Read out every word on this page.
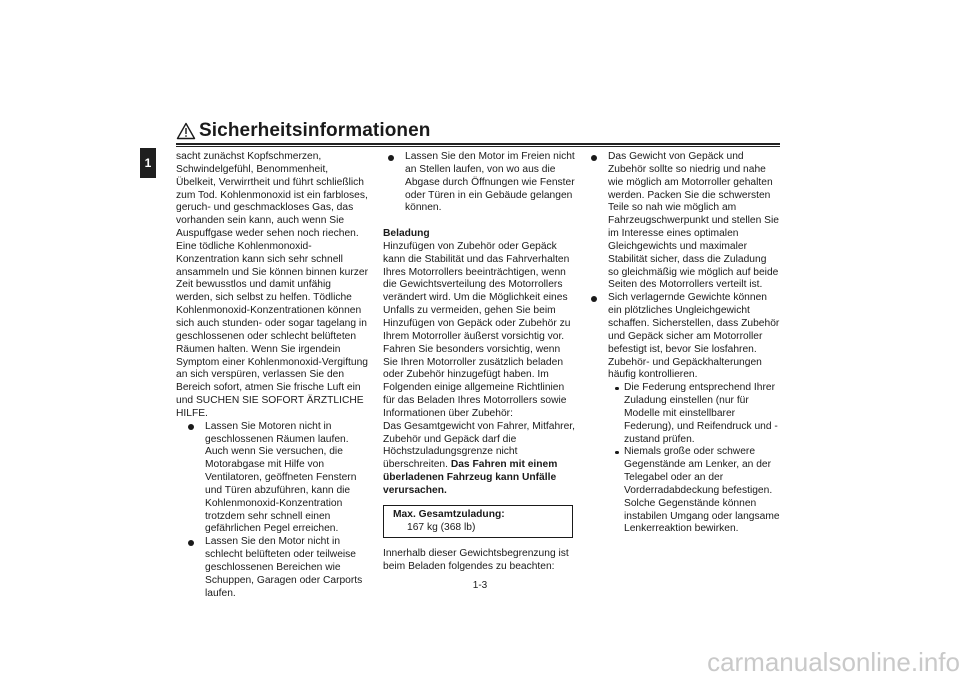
1
Sicherheitsinformationen

sacht zunächst Kopfschmerzen, Schwindelgefühl, Benommenheit, Übelkeit, Verwirrtheit und führt schließlich zum Tod. Kohlenmonoxid ist ein farbloses, geruch- und geschmackloses Gas, das vorhanden sein kann, auch wenn Sie Auspuffgase weder sehen noch riechen. Eine tödliche Kohlenmonoxid-Konzentration kann sich sehr schnell ansammeln und Sie können binnen kurzer Zeit bewusstlos und damit unfähig werden, sich selbst zu helfen. Tödliche Kohlenmonoxid-Konzentrationen können sich auch stunden- oder sogar tagelang in geschlossenen oder schlecht belüfteten Räumen halten. Wenn Sie irgendein Symptom einer Kohlenmonoxid-Vergiftung an sich verspüren, verlassen Sie den Bereich sofort, atmen Sie frische Luft ein und SUCHEN SIE SOFORT ÄRZTLICHE HILFE.

Lassen Sie Motoren nicht in geschlossenen Räumen laufen. Auch wenn Sie versuchen, die Motorabgase mit Hilfe von Ventilatoren, geöffneten Fenstern und Türen abzuführen, kann die Kohlenmonoxid-Konzentration trotzdem sehr schnell einen gefährlichen Pegel erreichen.

Lassen Sie den Motor nicht in schlecht belüfteten oder teilweise geschlossenen Bereichen wie Schuppen, Garagen oder Carports laufen.

Lassen Sie den Motor im Freien nicht an Stellen laufen, von wo aus die Abgase durch Öffnungen wie Fenster oder Türen in ein Gebäude gelangen können.

Beladung

Hinzufügen von Zubehör oder Gepäck kann die Stabilität und das Fahrverhalten Ihres Motorrollers beeinträchtigen, wenn die Gewichtsverteilung des Motorrollers verändert wird. Um die Möglichkeit eines Unfalls zu vermeiden, gehen Sie beim Hinzufügen von Gepäck oder Zubehör zu Ihrem Motorroller äußerst vorsichtig vor. Fahren Sie besonders vorsichtig, wenn Sie Ihren Motorroller zusätzlich beladen oder Zubehör hinzugefügt haben. Im Folgenden einige allgemeine Richtlinien für das Beladen Ihres Motorrollers sowie Informationen über Zubehör:

Das Gesamtgewicht von Fahrer, Mitfahrer, Zubehör und Gepäck darf die Höchstzuladungsgrenze nicht überschreiten. Das Fahren mit einem überladenen Fahrzeug kann Unfälle verursachen.

Max. Gesamtzuladung:
167 kg (368 lb)

Innerhalb dieser Gewichtsbegrenzung ist beim Beladen folgendes zu beachten:

Das Gewicht von Gepäck und Zubehör sollte so niedrig und nahe wie möglich am Motorroller gehalten werden. Packen Sie die schwersten Teile so nah wie möglich am Fahrzeugschwerpunkt und stellen Sie im Interesse eines optimalen Gleichgewichts und maximaler Stabilität sicher, dass die Zuladung so gleichmäßig wie möglich auf beide Seiten des Motorrollers verteilt ist.

Sich verlagernde Gewichte können ein plötzliches Ungleichgewicht schaffen. Sicherstellen, dass Zubehör und Gepäck sicher am Motorroller befestigt ist, bevor Sie losfahren. Zubehör- und Gepäckhalterungen häufig kontrollieren.

Die Federung entsprechend Ihrer Zuladung einstellen (nur für Modelle mit einstellbarer Federung), und Reifendruck und -zustand prüfen.

Niemals große oder schwere Gegenstände am Lenker, an der Telegabel oder an der Vorderradabdeckung befestigen. Solche Gegenstände können instabilen Umgang oder langsame Lenkerreaktion bewirken.

1-3
carmanualsonline.info
